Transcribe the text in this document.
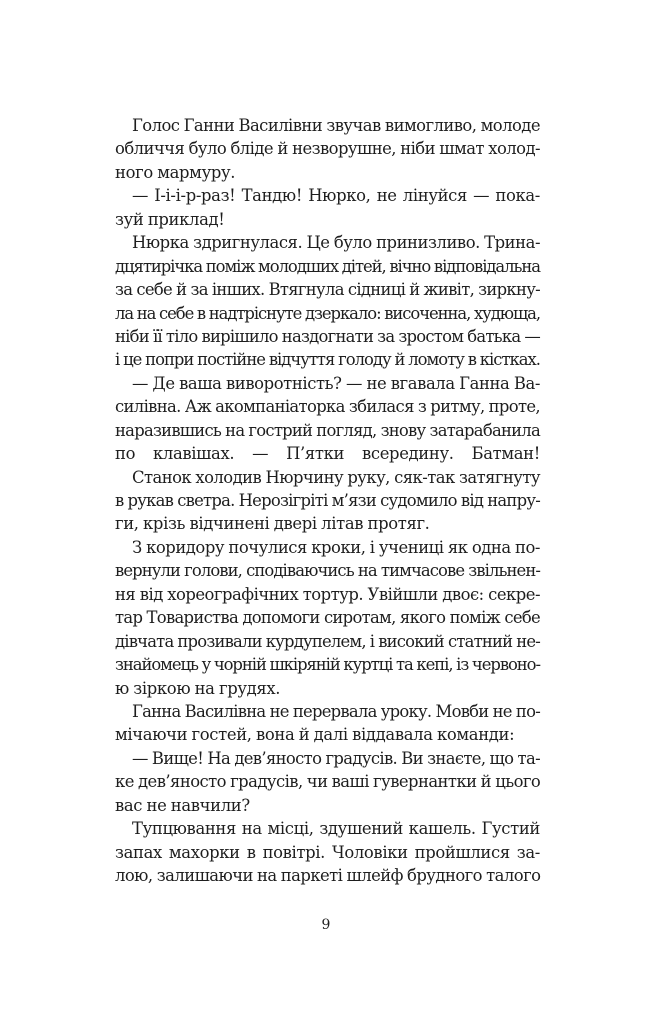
Голос Ганни Василівни звучав вимогливо, молоде
обличчя було бліде й незворушне, ніби шмат холод-
ного мармуру.
— І-і-і-р-раз! Тандю! Нюрко, не лінуйся — пока-
зуй приклад!
Нюрка здригнулася. Це було принизливо. Трина-
дцятирічка поміж молодших дітей, вічно відповідальна
за себе й за інших. Втягнула сідниці й живіт, зиркну-
ла на себе в надтріснуте дзеркало: височенна, худюща,
ніби її тіло вирішило наздогнати за зростом батька —
і це попри постійне відчуття голоду й ломоту в кістках.
— Де ваша виворотність? — не вгавала Ганна Ва-
силівна. Аж акомпаніаторка збилася з ритму, проте,
наразившись на гострий погляд, знову затарабанила
по клавішах. — П’ятки всередину. Батман!
Станок холодив Нюрчину руку, сяк-так затягнуту
в рукав светра. Нерозігріті м’язи судомило від напру-
ги, крізь відчинені двері літав протяг.
З коридору почулися кроки, і учениці як одна по-
вернули голови, сподіваючись на тимчасове звільнен-
ня від хореографічних тортур. Увійшли двоє: секре-
тар Товариства допомоги сиротам, якого поміж себе
дівчата прозивали курдупелем, і високий статний не-
знайомець у чорній шкіряній куртці та кепі, із червоно-
ю зіркою на грудях.
Ганна Василівна не перервала уроку. Мовби не по-
мічаючи гостей, вона й далі віддавала команди:
— Вище! На дев’яносто градусів. Ви знаєте, що та-
ке дев’яносто градусів, чи ваші гувернантки й цього
вас не навчили?
Тупцювання на місці, здушений кашель. Густий
запах махорки в повітрі. Чоловіки пройшлися за-
лою, залишаючи на паркеті шлейф брудного талого
9
